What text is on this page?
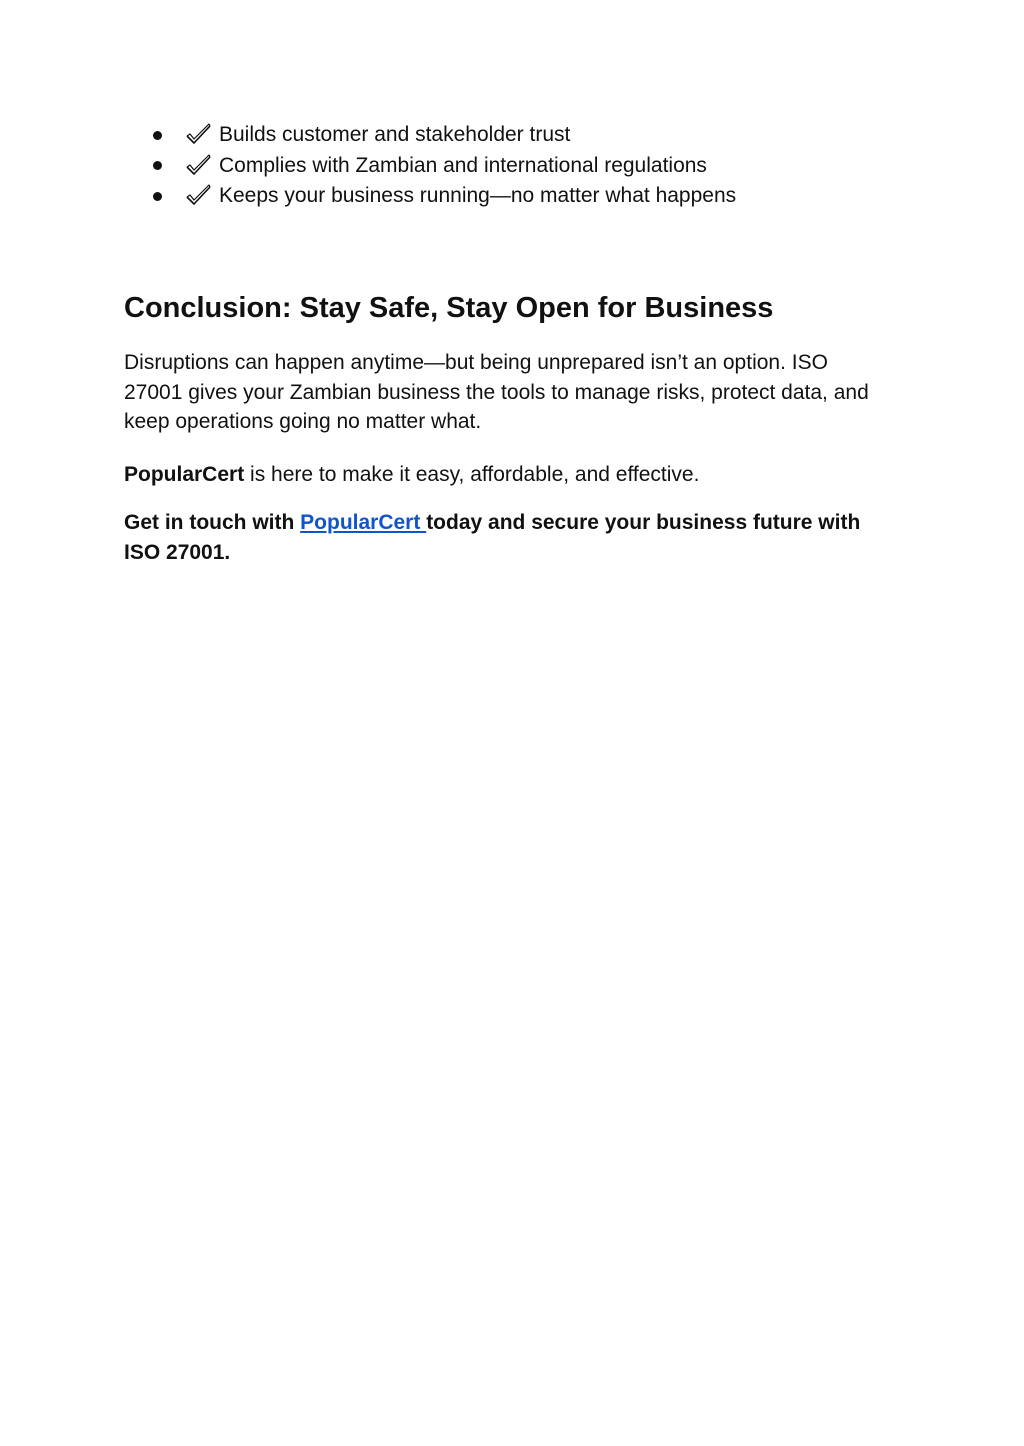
Builds customer and stakeholder trust
Complies with Zambian and international regulations
Keeps your business running—no matter what happens
Conclusion: Stay Safe, Stay Open for Business

Disruptions can happen anytime—but being unprepared isn’t an option. ISO 27001 gives your Zambian business the tools to manage risks, protect data, and keep operations going no matter what.

PopularCert is here to make it easy, affordable, and effective.

Get in touch with PopularCert today and secure your business future with ISO 27001.
